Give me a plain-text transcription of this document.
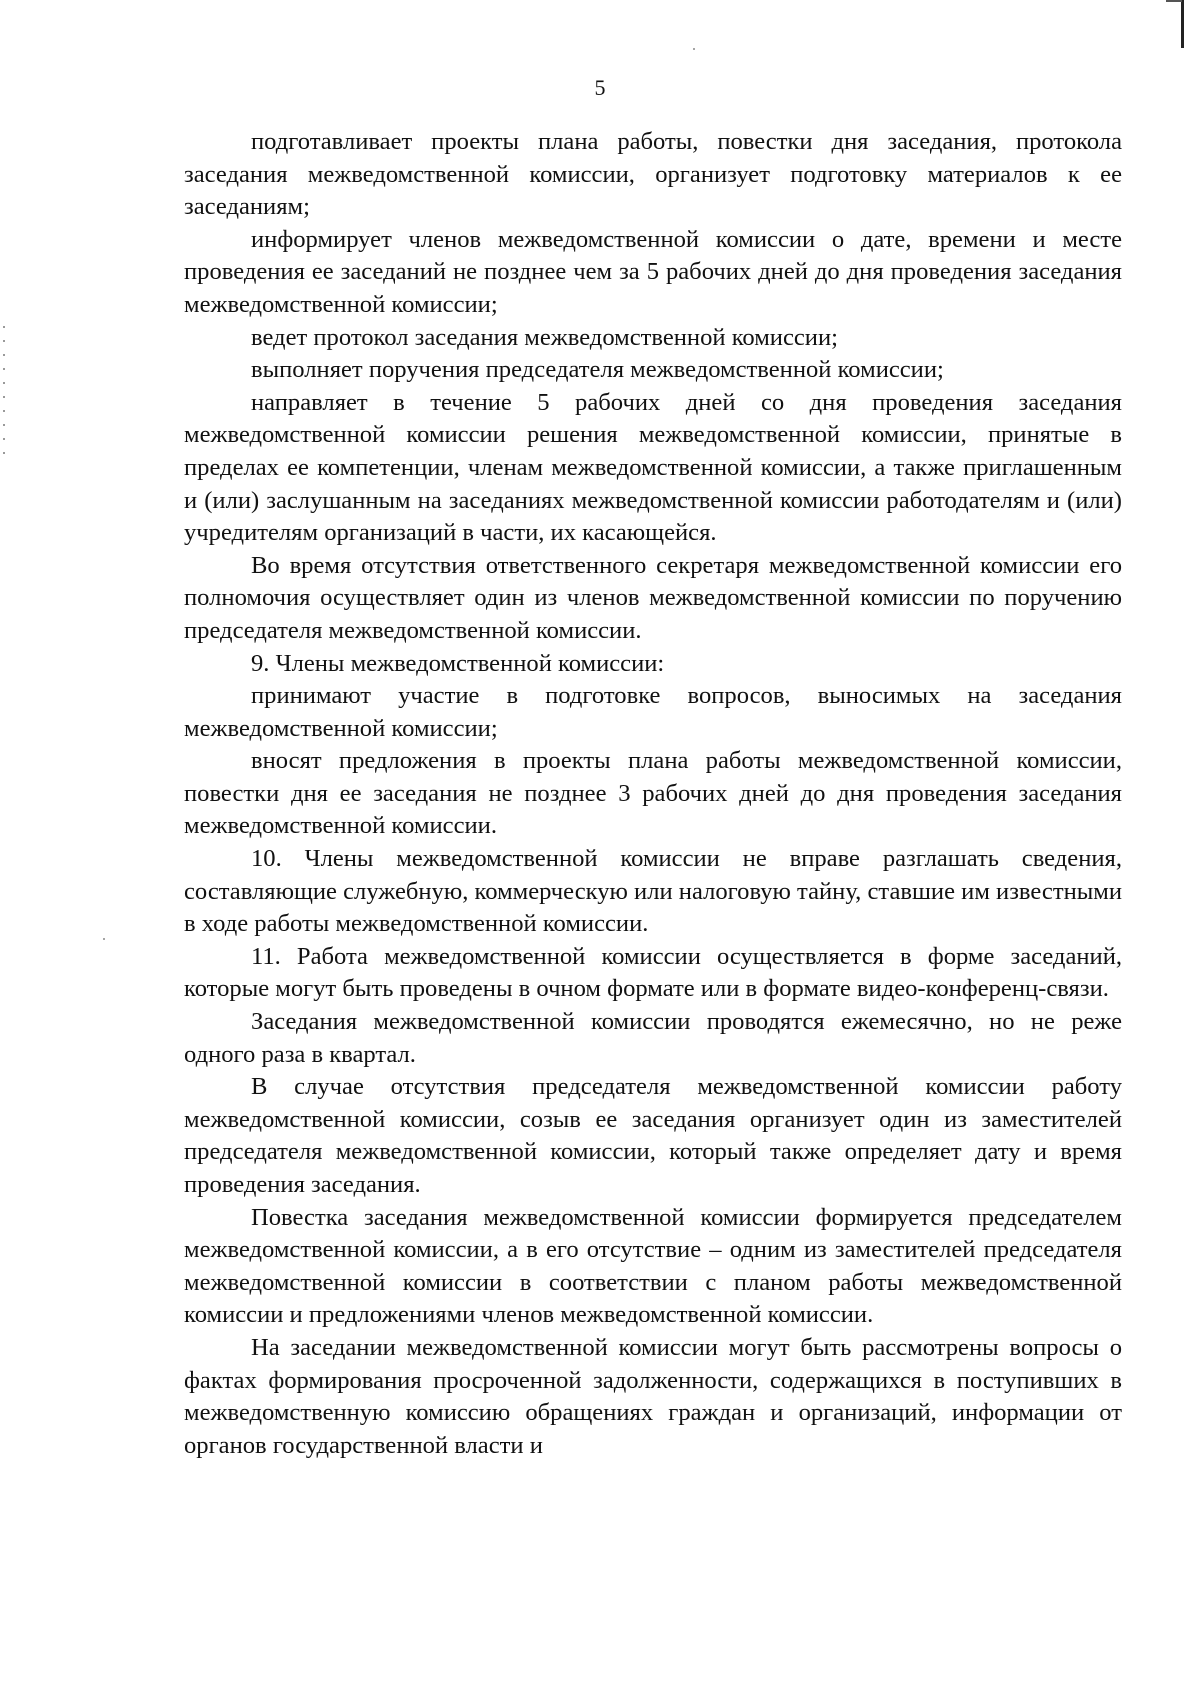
5

подготавливает проекты плана работы, повестки дня заседания, протокола заседания межведомственной комиссии, организует подготовку материалов к ее заседаниям;

информирует членов межведомственной комиссии о дате, времени и месте проведения ее заседаний не позднее чем за 5 рабочих дней до дня проведения заседания межведомственной комиссии;

ведет протокол заседания межведомственной комиссии;

выполняет поручения председателя межведомственной комиссии;

направляет в течение 5 рабочих дней со дня проведения заседания межведомственной комиссии решения межведомственной комиссии, принятые в пределах ее компетенции, членам межведомственной комиссии, а также приглашенным и (или) заслушанным на заседаниях межведомственной комиссии работодателям и (или) учредителям организаций в части, их касающейся.

Во время отсутствия ответственного секретаря межведомственной комиссии его полномочия осуществляет один из членов межведомственной комиссии по поручению председателя межведомственной комиссии.

9. Члены межведомственной комиссии:

принимают участие в подготовке вопросов, выносимых на заседания межведомственной комиссии;

вносят предложения в проекты плана работы межведомственной комиссии, повестки дня ее заседания не позднее 3 рабочих дней до дня проведения заседания межведомственной комиссии.

10. Члены межведомственной комиссии не вправе разглашать сведения, составляющие служебную, коммерческую или налоговую тайну, ставшие им известными в ходе работы межведомственной комиссии.

11. Работа межведомственной комиссии осуществляется в форме заседаний, которые могут быть проведены в очном формате или в формате видео-конференц-связи.

Заседания межведомственной комиссии проводятся ежемесячно, но не реже одного раза в квартал.

В случае отсутствия председателя межведомственной комиссии работу межведомственной комиссии, созыв ее заседания организует один из заместителей председателя межведомственной комиссии, который также определяет дату и время проведения заседания.

Повестка заседания межведомственной комиссии формируется председателем межведомственной комиссии, а в его отсутствие – одним из заместителей председателя межведомственной комиссии в соответствии с планом работы межведомственной комиссии и предложениями членов межведомственной комиссии.

На заседании межведомственной комиссии могут быть рассмотрены вопросы о фактах формирования просроченной задолженности, содержащихся в поступивших в межведомственную комиссию обращениях граждан и организаций, информации от органов государственной власти и
